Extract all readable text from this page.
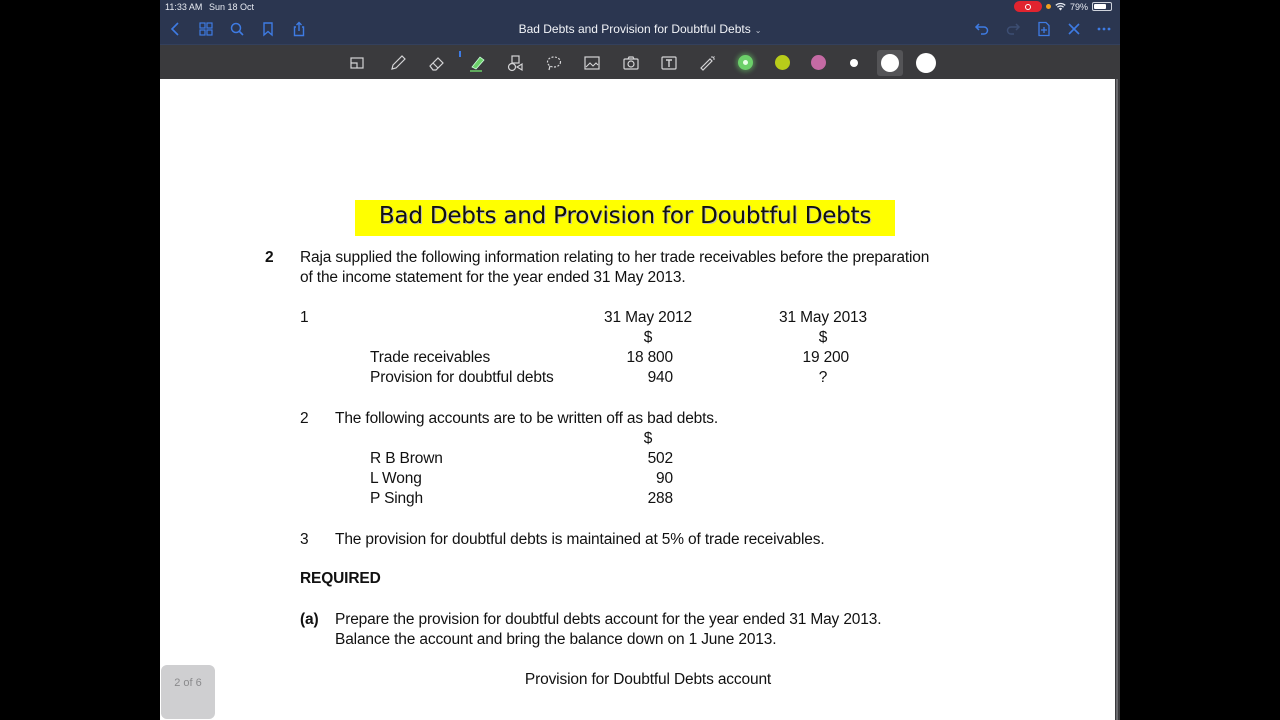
11:33 AM Sun 18 Oct	79%
Bad Debts and Provision for Doubtful Debts ⌄
Bad Debts and Provision for Doubtful Debts
2 Raja supplied the following information relating to her trade receivables before the preparation
of the income statement for the year ended 31 May 2013.
1	31 May 2012	31 May 2013
$	$
Trade receivables	18 800	19 200
Provision for doubtful debts	940	?
2 The following accounts are to be written off as bad debts.
$
R B Brown	502
L Wong	90
P Singh	288
3 The provision for doubtful debts is maintained at 5% of trade receivables.
REQUIRED
(a) Prepare the provision for doubtful debts account for the year ended 31 May 2013.
Balance the account and bring the balance down on 1 June 2013.
Provision for Doubtful Debts account
2 of 6
